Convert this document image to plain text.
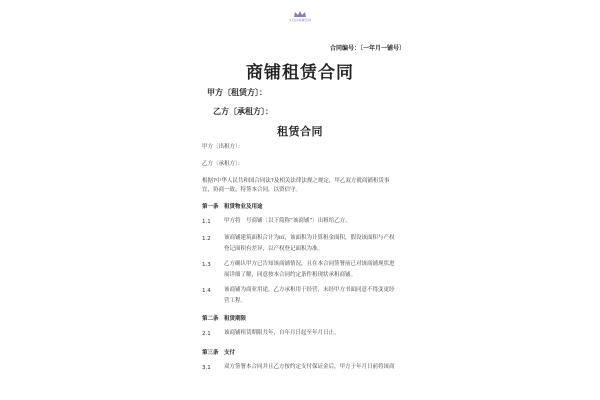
文档投稿赚钱网
合同编号：〔一年月一铺号〕
商铺租赁合同
甲方〔租赁方〕：
乙方〔承租方〕：
租赁合同
甲方〔出租方〕：
乙方〔承租方〕：
根据?中华人民共和国合同法?及相关法律法规之规定，甲乙双方就商铺租赁事
宜，协商一致，特签本合同，以资信守。
第一条　租赁物业及用途
1.1 甲方将　号商铺〔以下简称“该商铺”〕出租给乙方。
1.2 该商铺建筑面积合计为㎡，该面积为计算租金面积，假设该面积与产权
登记面积有差异，以产权登记面积为准。
1.3 乙方确认甲方已告知该商铺情况，且在本合同签署前已对该商铺现状进
展详细了解，同意按本合同约定条件租现状承租商铺。
1.4 该商铺为商业用途，乙方承租用于经营，未经甲方书面同意不得变更经
营工程。
第二条　租赁期限
2.1 该商铺租赁期限共年，自年月日起至年月日止。
第三条　支付
3.1 双方签署本合同并且乙方按约定支付保证金后，甲方于年月日前将该商
